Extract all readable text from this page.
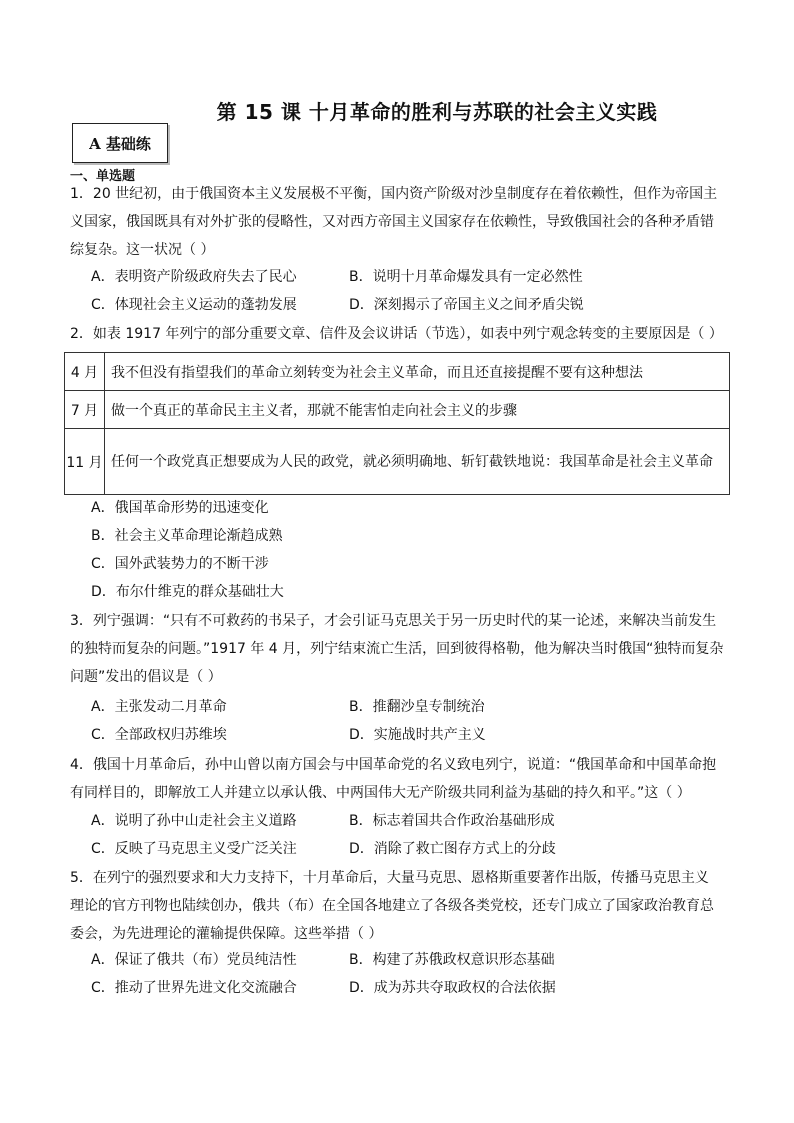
第 15 课 十月革命的胜利与苏联的社会主义实践
A 基础练
一、单选题
1．20 世纪初，由于俄国资本主义发展极不平衡，国内资产阶级对沙皇制度存在着依赖性，但作为帝国主
义国家，俄国既具有对外扩张的侵略性，又对西方帝国主义国家存在依赖性，导致俄国社会的各种矛盾错
综复杂。这一状况（ ）
A．表明资产阶级政府失去了民心	B．说明十月革命爆发具有一定必然性
C．体现社会主义运动的蓬勃发展	D．深刻揭示了帝国主义之间矛盾尖锐
2．如表 1917 年列宁的部分重要文章、信件及会议讲话（节选），如表中列宁观念转变的主要原因是（ ）
4 月	我不但没有指望我们的革命立刻转变为社会主义革命，而且还直接提醒不要有这种想法
7 月	做一个真正的革命民主主义者，那就不能害怕走向社会主义的步骤
11 月	任何一个政党真正想要成为人民的政党，就必须明确地、斩钉截铁地说：我国革命是社会主义革命
A．俄国革命形势的迅速变化
B．社会主义革命理论渐趋成熟
C．国外武装势力的不断干涉
D．布尔什维克的群众基础壮大
3．列宁强调：“只有不可救药的书呆子，才会引证马克思关于另一历史时代的某一论述，来解决当前发生
的独特而复杂的问题。”1917 年 4 月，列宁结束流亡生活，回到彼得格勒，他为解决当时俄国“独特而复杂
问题”发出的倡议是（ ）
A．主张发动二月革命	B．推翻沙皇专制统治
C．全部政权归苏维埃	D．实施战时共产主义
4．俄国十月革命后，孙中山曾以南方国会与中国革命党的名义致电列宁，说道：“俄国革命和中国革命抱
有同样目的，即解放工人并建立以承认俄、中两国伟大无产阶级共同利益为基础的持久和平。”这（ ）
A．说明了孙中山走社会主义道路	B．标志着国共合作政治基础形成
C．反映了马克思主义受广泛关注	D．消除了救亡图存方式上的分歧
5．在列宁的强烈要求和大力支持下，十月革命后，大量马克思、恩格斯重要著作出版，传播马克思主义
理论的官方刊物也陆续创办，俄共（布）在全国各地建立了各级各类党校，还专门成立了国家政治教育总
委会，为先进理论的灌输提供保障。这些举措（ ）
A．保证了俄共（布）党员纯洁性	B．构建了苏俄政权意识形态基础
C．推动了世界先进文化交流融合	D．成为苏共夺取政权的合法依据
